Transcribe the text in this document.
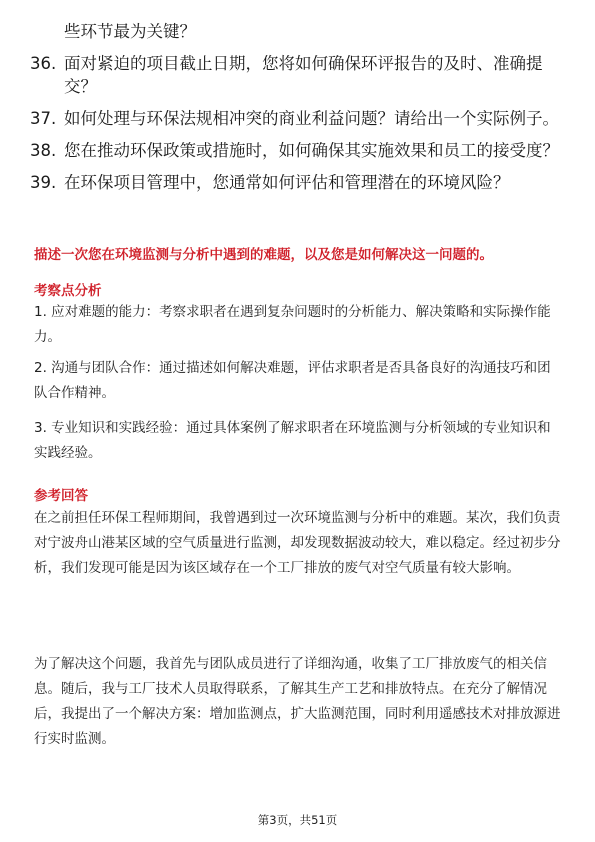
些环节最为关键？
36. 面对紧迫的项目截止日期，您将如何确保环评报告的及时、准确提交？
37. 如何处理与环保法规相冲突的商业利益问题？请给出一个实际例子。
38. 您在推动环保政策或措施时，如何确保其实施效果和员工的接受度？
39. 在环保项目管理中，您通常如何评估和管理潜在的环境风险？
描述一次您在环境监测与分析中遇到的难题，以及您是如何解决这一问题的。
考察点分析
1. 应对难题的能力：考察求职者在遇到复杂问题时的分析能力、解决策略和实际操作能力。
2. 沟通与团队合作：通过描述如何解决难题，评估求职者是否具备良好的沟通技巧和团队合作精神。
3. 专业知识和实践经验：通过具体案例了解求职者在环境监测与分析领域的专业知识和实践经验。
参考回答
在之前担任环保工程师期间，我曾遇到过一次环境监测与分析中的难题。某次，我们负责对宁波舟山港某区域的空气质量进行监测，却发现数据波动较大，难以稳定。经过初步分析，我们发现可能是因为该区域存在一个工厂排放的废气对空气质量有较大影响。
为了解决这个问题，我首先与团队成员进行了详细沟通，收集了工厂排放废气的相关信息。随后，我与工厂技术人员取得联系，了解其生产工艺和排放特点。在充分了解情况后，我提出了一个解决方案：增加监测点，扩大监测范围，同时利用遥感技术对排放源进行实时监测。
第3页，共51页
